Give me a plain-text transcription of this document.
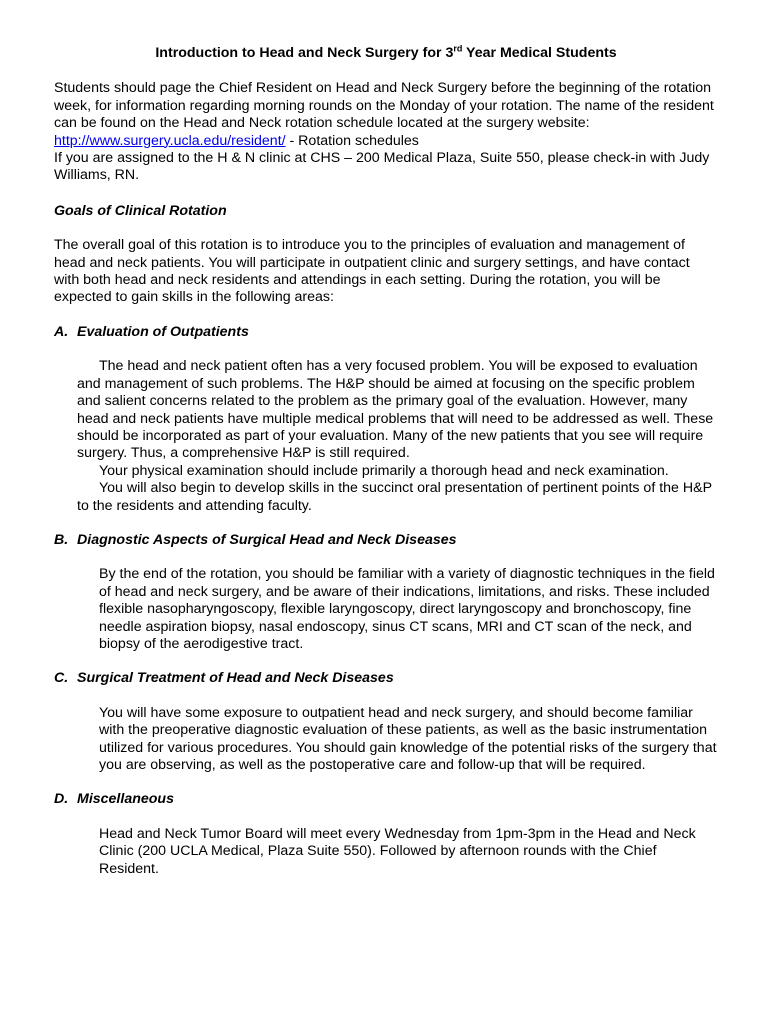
Introduction to Head and Neck Surgery for 3rd Year Medical Students

Students should page the Chief Resident on Head and Neck Surgery before the beginning of the rotation week, for information regarding morning rounds on the Monday of your rotation. The name of the resident can be found on the Head and Neck rotation schedule located at the surgery website: http://www.surgery.ucla.edu/resident/ - Rotation schedules

If you are assigned to the H & N clinic at CHS – 200 Medical Plaza, Suite 550, please check-in with Judy Williams, RN.

Goals of Clinical Rotation

The overall goal of this rotation is to introduce you to the principles of evaluation and management of head and neck patients. You will participate in outpatient clinic and surgery settings, and have contact with both head and neck residents and attendings in each setting. During the rotation, you will be expected to gain skills in the following areas:

A. Evaluation of Outpatients

The head and neck patient often has a very focused problem. You will be exposed to evaluation and management of such problems. The H&P should be aimed at focusing on the specific problem and salient concerns related to the problem as the primary goal of the evaluation. However, many head and neck patients have multiple medical problems that will need to be addressed as well. These should be incorporated as part of your evaluation. Many of the new patients that you see will require surgery. Thus, a comprehensive H&P is still required.

Your physical examination should include primarily a thorough head and neck examination.

You will also begin to develop skills in the succinct oral presentation of pertinent points of the H&P to the residents and attending faculty.

B. Diagnostic Aspects of Surgical Head and Neck Diseases

By the end of the rotation, you should be familiar with a variety of diagnostic techniques in the field of head and neck surgery, and be aware of their indications, limitations, and risks. These included flexible nasopharyngoscopy, flexible laryngoscopy, direct laryngoscopy and bronchoscopy, fine needle aspiration biopsy, nasal endoscopy, sinus CT scans, MRI and CT scan of the neck, and biopsy of the aerodigestive tract.

C. Surgical Treatment of Head and Neck Diseases

You will have some exposure to outpatient head and neck surgery, and should become familiar with the preoperative diagnostic evaluation of these patients, as well as the basic instrumentation utilized for various procedures. You should gain knowledge of the potential risks of the surgery that you are observing, as well as the postoperative care and follow-up that will be required.

D. Miscellaneous

Head and Neck Tumor Board will meet every Wednesday from 1pm-3pm in the Head and Neck Clinic (200 UCLA Medical, Plaza Suite 550). Followed by afternoon rounds with the Chief Resident.
